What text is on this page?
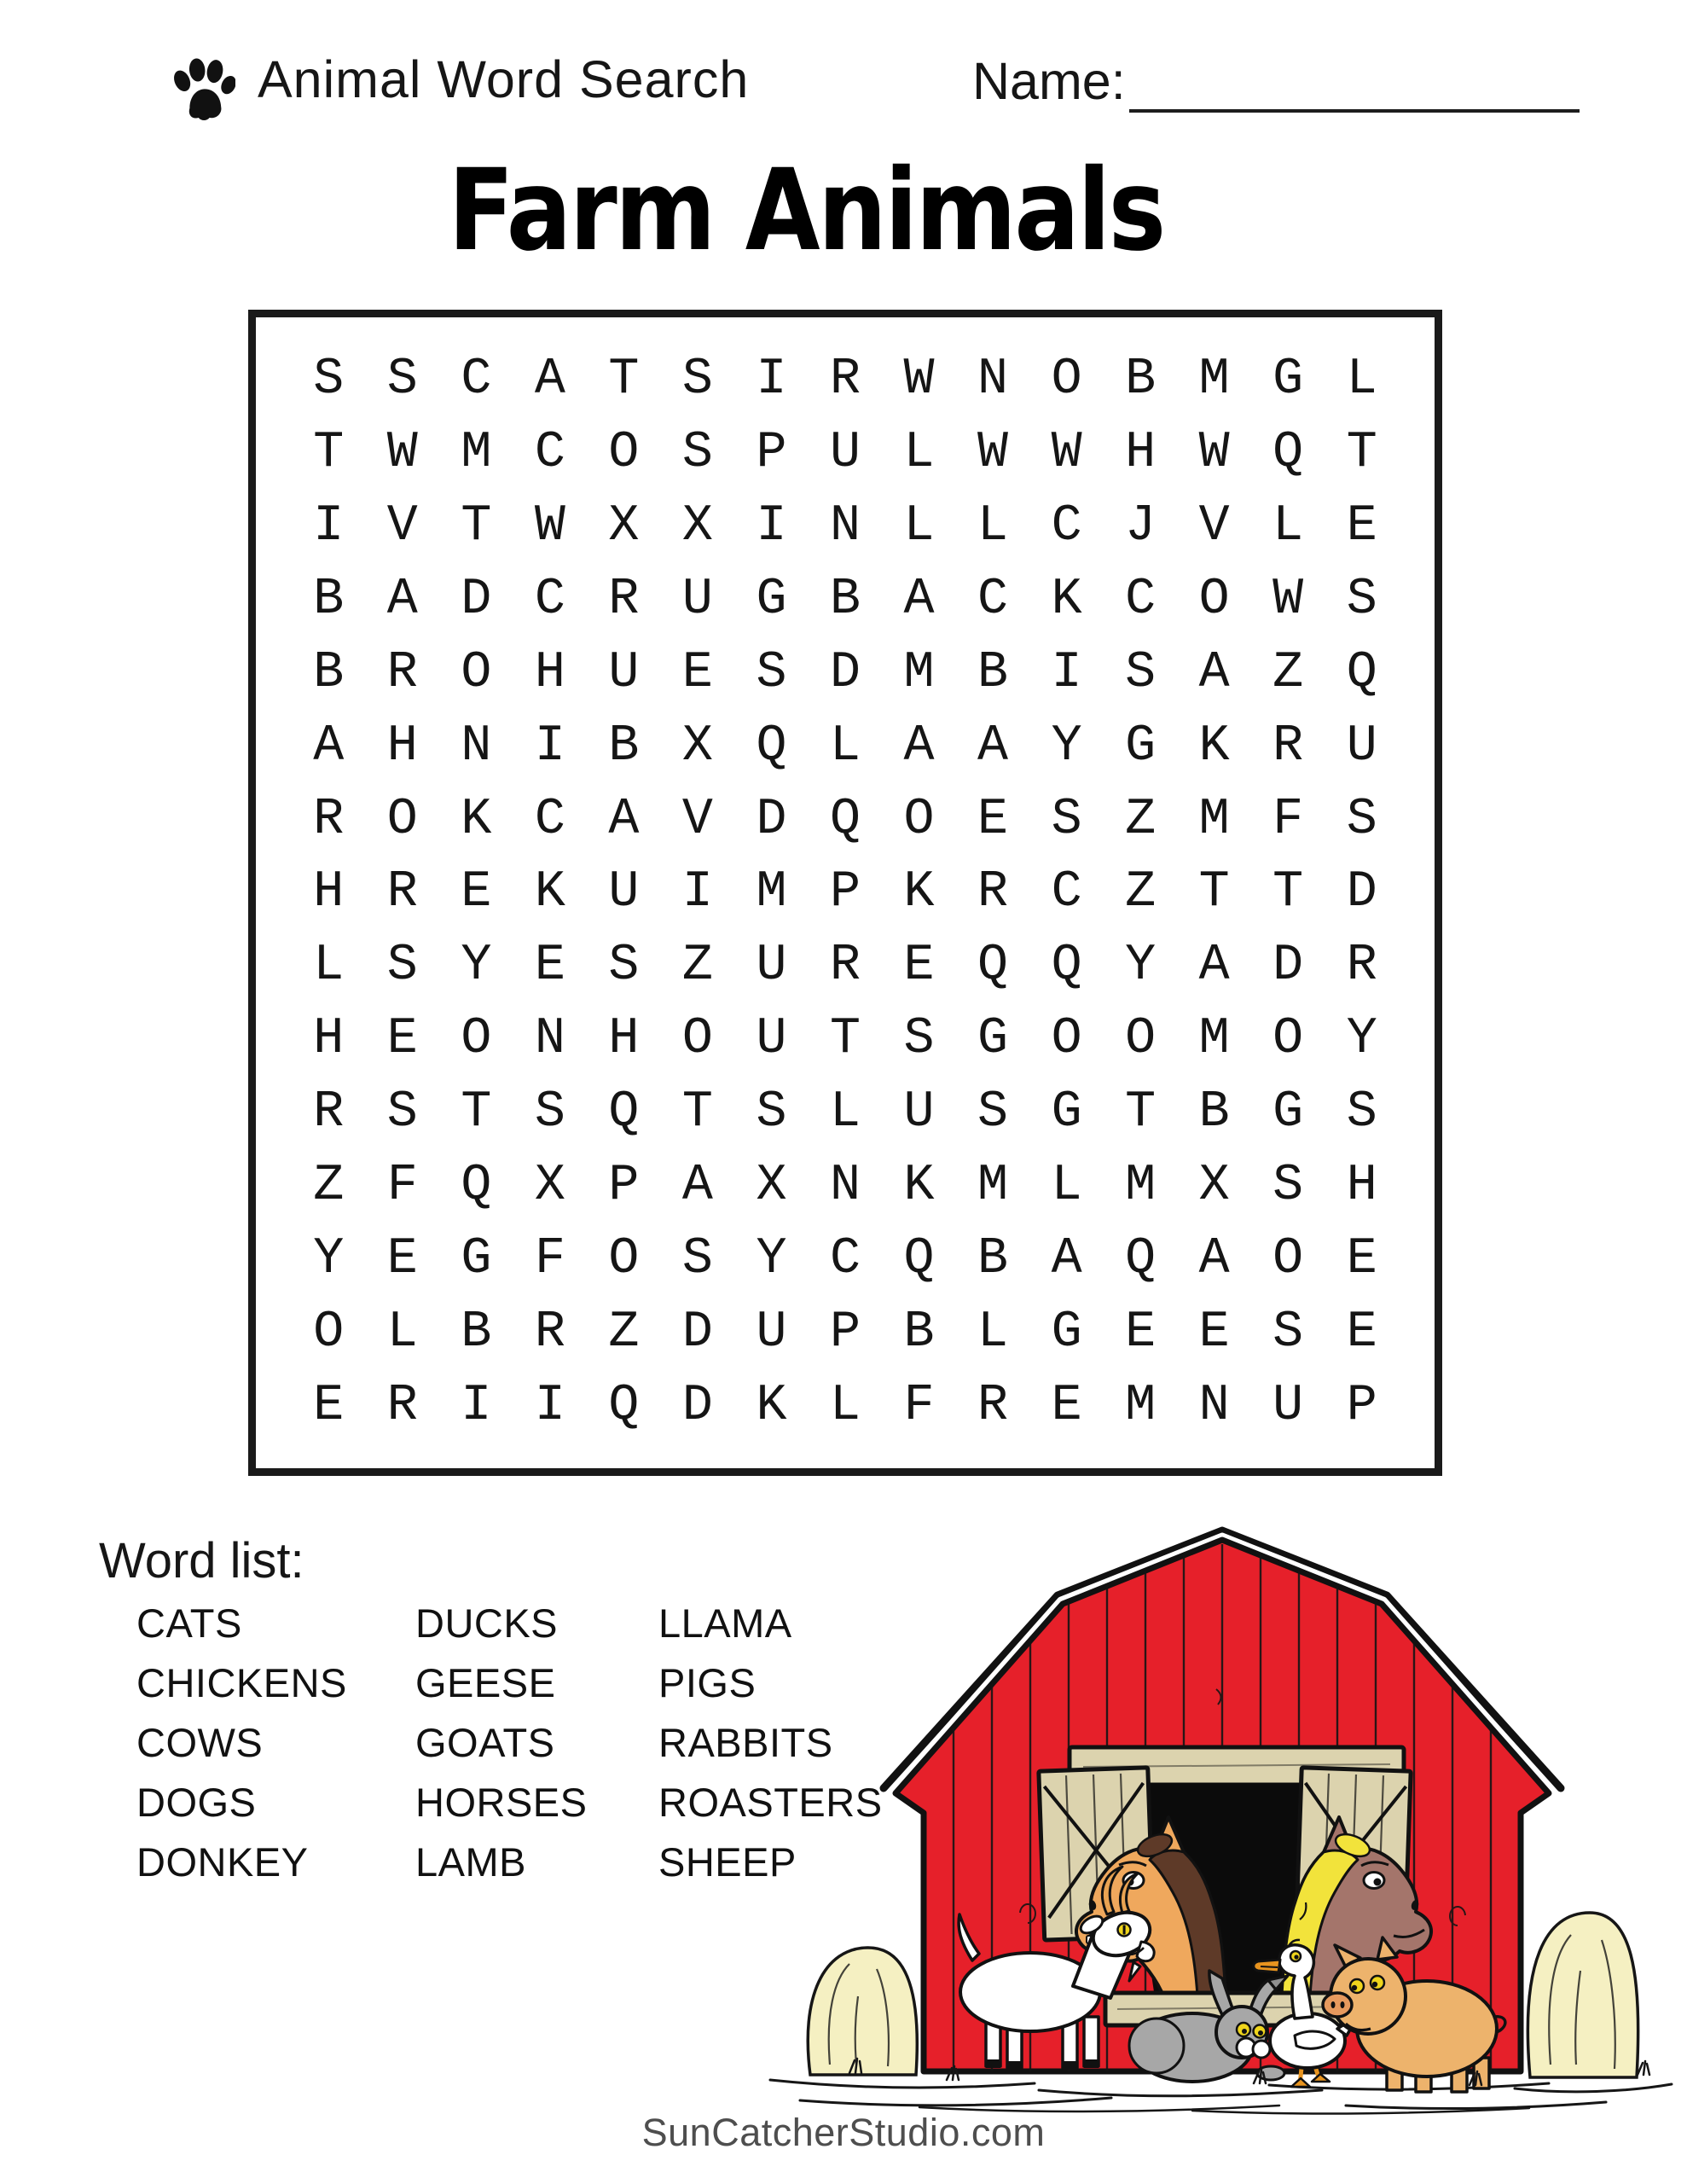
Animal Word Search	Name:
Farm Animals
S S C A T S I R W N O B M G L
T W M C O S P U L W W H W Q T
I V T W X X I N L L C J V L E
B A D C R U G B A C K C O W S
B R O H U E S D M B I S A Z Q
A H N I B X Q L A A Y G K R U
R O K C A V D Q O E S Z M F S
H R E K U I M P K R C Z T T D
L S Y E S Z U R E Q Q Y A D R
H E O N H O U T S G O O M O Y
R S T S Q T S L U S G T B G S
Z F Q X P A X N K M L M X S H
Y E G F O S Y C Q B A Q A O E
O L B R Z D U P B L G E E S E
E R I I Q D K L F R E M N U P
Word list:
CATS
CHICKENS
COWS
DOGS
DONKEY
DUCKS
GEESE
GOATS
HORSES
LAMB
LLAMA
PIGS
RABBITS
ROASTERS
SHEEP
SunCatcherStudio.com
